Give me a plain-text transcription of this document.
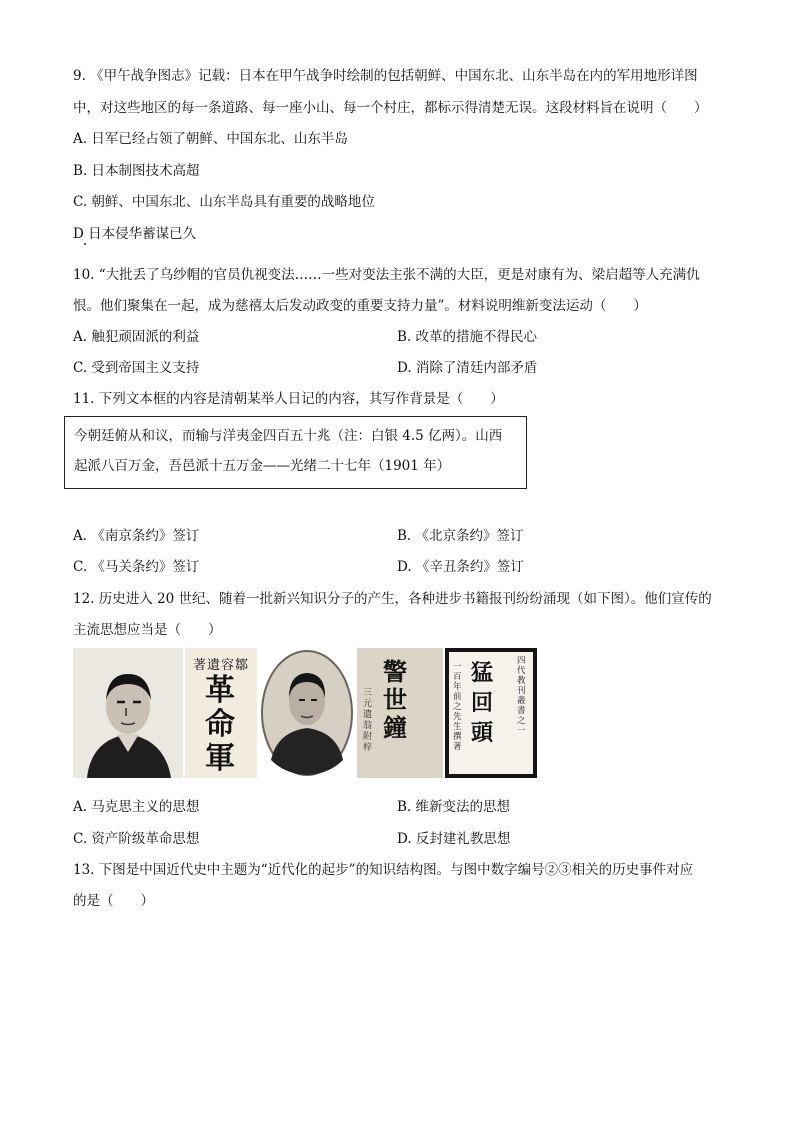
9. 《甲午战争图志》记载：日本在甲午战争时绘制的包括朝鲜、中国东北、山东半岛在内的军用地形详图
中，对这些地区的每一条道路、每一座小山、每一个村庄，都标示得清楚无误。这段材料旨在说明（　　）
A. 日军已经占领了朝鲜、中国东北、山东半岛
B. 日本制图技术高超
C. 朝鲜、中国东北、山东半岛具有重要的战略地位
D 日本侵华蓄谋已久
10. “大批丢了乌纱帽的官员仇视变法……一些对变法主张不满的大臣，更是对康有为、梁启超等人充满仇
恨。他们聚集在一起，成为慈禧太后发动政变的重要支持力量”。材料说明维新变法运动（　　）
A. 触犯顽固派的利益	B. 改革的措施不得民心
C. 受到帝国主义支持	D. 消除了清廷内部矛盾
11. 下列文本框的内容是清朝某举人日记的内容，其写作背景是（　　）
今朝廷俯从和议，而输与洋夷金四百五十兆（注：白银 4.5 亿两）。山西
起派八百万金，吾邑派十五万金——光绪二十七年（1901 年）
A. 《南京条约》签订	B. 《北京条约》签订
C. 《马关条约》签订	D. 《辛丑条约》签订
12. 历史进入 20 世纪、随着一批新兴知识分子的产生，各种进步书籍报刊纷纷涌现（如下图）。他们宣传的
主流思想应当是（　　）
著遺容鄒
革命軍
警世鐘
三元遺翁附梓
猛回頭
四代教刊叢書之一
一百年前之先生撰著
A. 马克思主义的思想	B. 维新变法的思想
C. 资产阶级革命思想	D. 反封建礼教思想
13. 下图是中国近代史中主题为“近代化的起步”的知识结构图。与图中数字编号②③相关的历史事件对应
的是（　　）
